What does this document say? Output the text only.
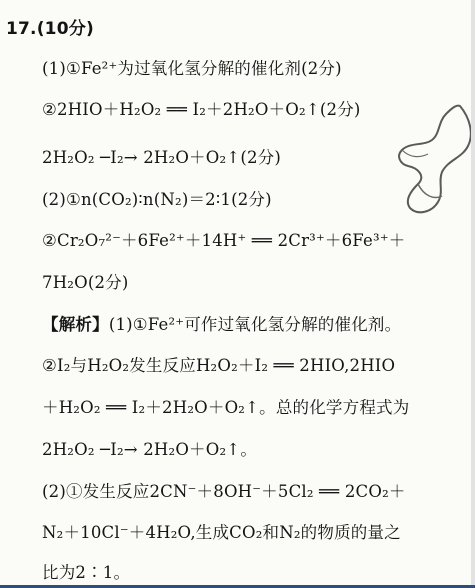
17.(10分)
(1)①Fe²⁺为过氧化氢分解的催化剂(2分)
②2HIO＋H₂O₂ ══ I₂＋2H₂O＋O₂↑(2分)
2H₂O₂ ─I₂→ 2H₂O＋O₂↑(2分)
(2)①n(CO₂)∶n(N₂)＝2∶1(2分)
②Cr₂O₇²⁻＋6Fe²⁺＋14H⁺ ══ 2Cr³⁺＋6Fe³⁺＋
7H₂O(2分)
【解析】(1)①Fe²⁺可作过氧化氢分解的催化剂。
②I₂与H₂O₂发生反应H₂O₂＋I₂ ══ 2HIO,2HIO
＋H₂O₂ ══ I₂＋2H₂O＋O₂↑。总的化学方程式为
2H₂O₂ ─I₂→ 2H₂O＋O₂↑。
(2)①发生反应2CN⁻＋8OH⁻＋5Cl₂ ══ 2CO₂＋
N₂＋10Cl⁻＋4H₂O,生成CO₂和N₂的物质的量之
比为2∶1。
